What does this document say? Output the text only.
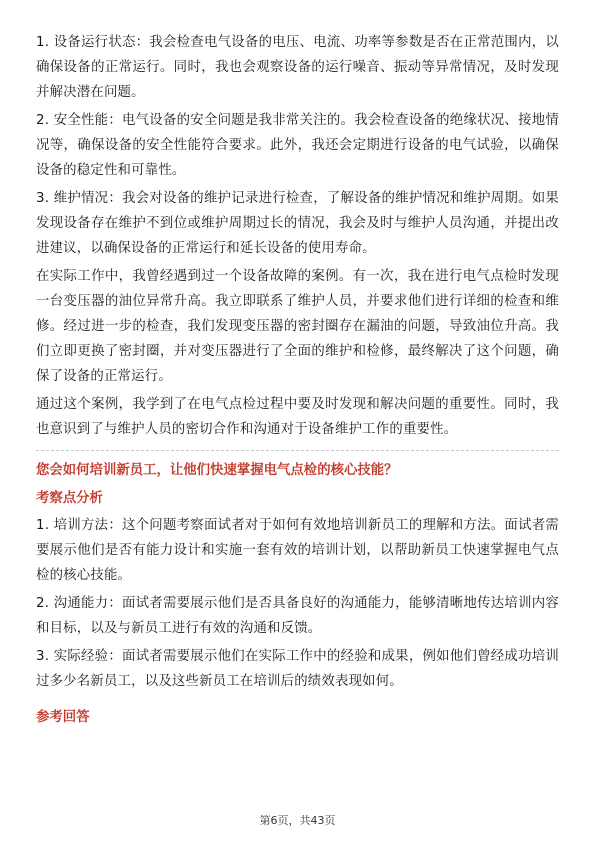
1. 设备运行状态：我会检查电气设备的电压、电流、功率等参数是否在正常范围内，以确保设备的正常运行。同时，我也会观察设备的运行噪音、振动等异常情况，及时发现并解决潜在问题。

2. 安全性能：电气设备的安全问题是我非常关注的。我会检查设备的绝缘状况、接地情况等，确保设备的安全性能符合要求。此外，我还会定期进行设备的电气试验，以确保设备的稳定性和可靠性。

3. 维护情况：我会对设备的维护记录进行检查，了解设备的维护情况和维护周期。如果发现设备存在维护不到位或维护周期过长的情况，我会及时与维护人员沟通，并提出改进建议，以确保设备的正常运行和延长设备的使用寿命。

在实际工作中，我曾经遇到过一个设备故障的案例。有一次，我在进行电气点检时发现一台变压器的油位异常升高。我立即联系了维护人员，并要求他们进行详细的检查和维修。经过进一步的检查，我们发现变压器的密封圈存在漏油的问题，导致油位升高。我们立即更换了密封圈，并对变压器进行了全面的维护和检修，最终解决了这个问题，确保了设备的正常运行。

通过这个案例，我学到了在电气点检过程中要及时发现和解决问题的重要性。同时，我也意识到了与维护人员的密切合作和沟通对于设备维护工作的重要性。

您会如何培训新员工，让他们快速掌握电气点检的核心技能？
考察点分析

1. 培训方法：这个问题考察面试者对于如何有效地培训新员工的理解和方法。面试者需要展示他们是否有能力设计和实施一套有效的培训计划，以帮助新员工快速掌握电气点检的核心技能。

2. 沟通能力：面试者需要展示他们是否具备良好的沟通能力，能够清晰地传达培训内容和目标，以及与新员工进行有效的沟通和反馈。

3. 实际经验：面试者需要展示他们在实际工作中的经验和成果，例如他们曾经成功培训过多少名新员工，以及这些新员工在培训后的绩效表现如何。

参考回答
第6页，共43页
